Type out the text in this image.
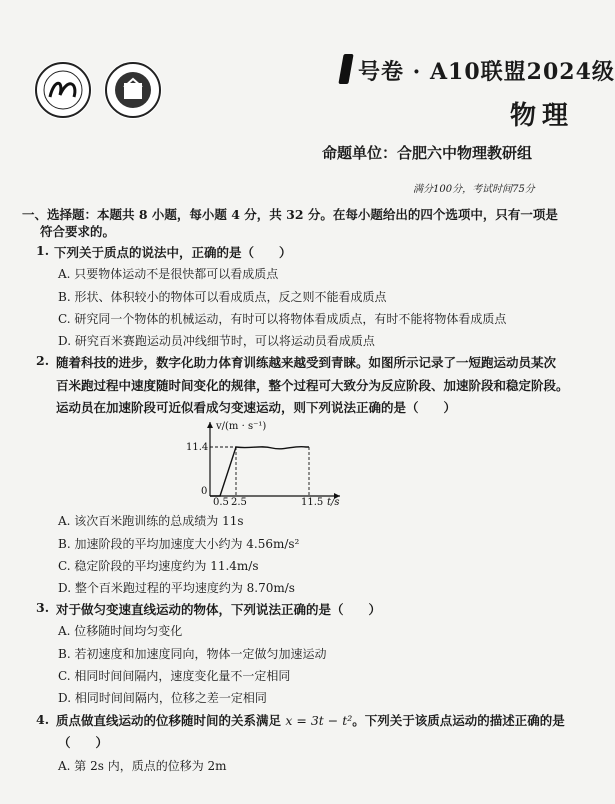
号卷 · A10联盟2024级
物理
命题单位：合肥六中物理教研组
满分100分，考试时间75分
一、选择题：本题共 8 小题，每小题 4 分，共 32 分。在每小题给出的四个选项中，只有一项是
符合要求的。
1. 下列关于质点的说法中，正确的是（　　）
A. 只要物体运动不是很快都可以看成质点
B. 形状、体积较小的物体可以看成质点，反之则不能看成质点
C. 研究同一个物体的机械运动，有时可以将物体看成质点，有时不能将物体看成质点
D. 研究百米赛跑运动员冲线细节时，可以将运动员看成质点
2. 随着科技的进步，数字化助力体育训练越来越受到青睐。如图所示记录了一短跑运动员某次
百米跑过程中速度随时间变化的规律，整个过程可大致分为反应阶段、加速阶段和稳定阶段。
运动员在加速阶段可近似看成匀变速运动，则下列说法正确的是（　　）
v/(m · s⁻¹)
11.4
0
0.5 2.5	11.5 t/s
A. 该次百米跑训练的总成绩为 11s
B. 加速阶段的平均加速度大小约为 4.56m/s²
C. 稳定阶段的平均速度约为 11.4m/s
D. 整个百米跑过程的平均速度约为 8.70m/s
3. 对于做匀变速直线运动的物体，下列说法正确的是（　　）
A. 位移随时间均匀变化
B. 若初速度和加速度同向，物体一定做匀加速运动
C. 相同时间间隔内，速度变化量不一定相同
D. 相同时间间隔内，位移之差一定相同
4. 质点做直线运动的位移随时间的关系满足 x = 3t − t²。下列关于该质点运动的描述正确的是
（　　）
A. 第 2s 内，质点的位移为 2m
